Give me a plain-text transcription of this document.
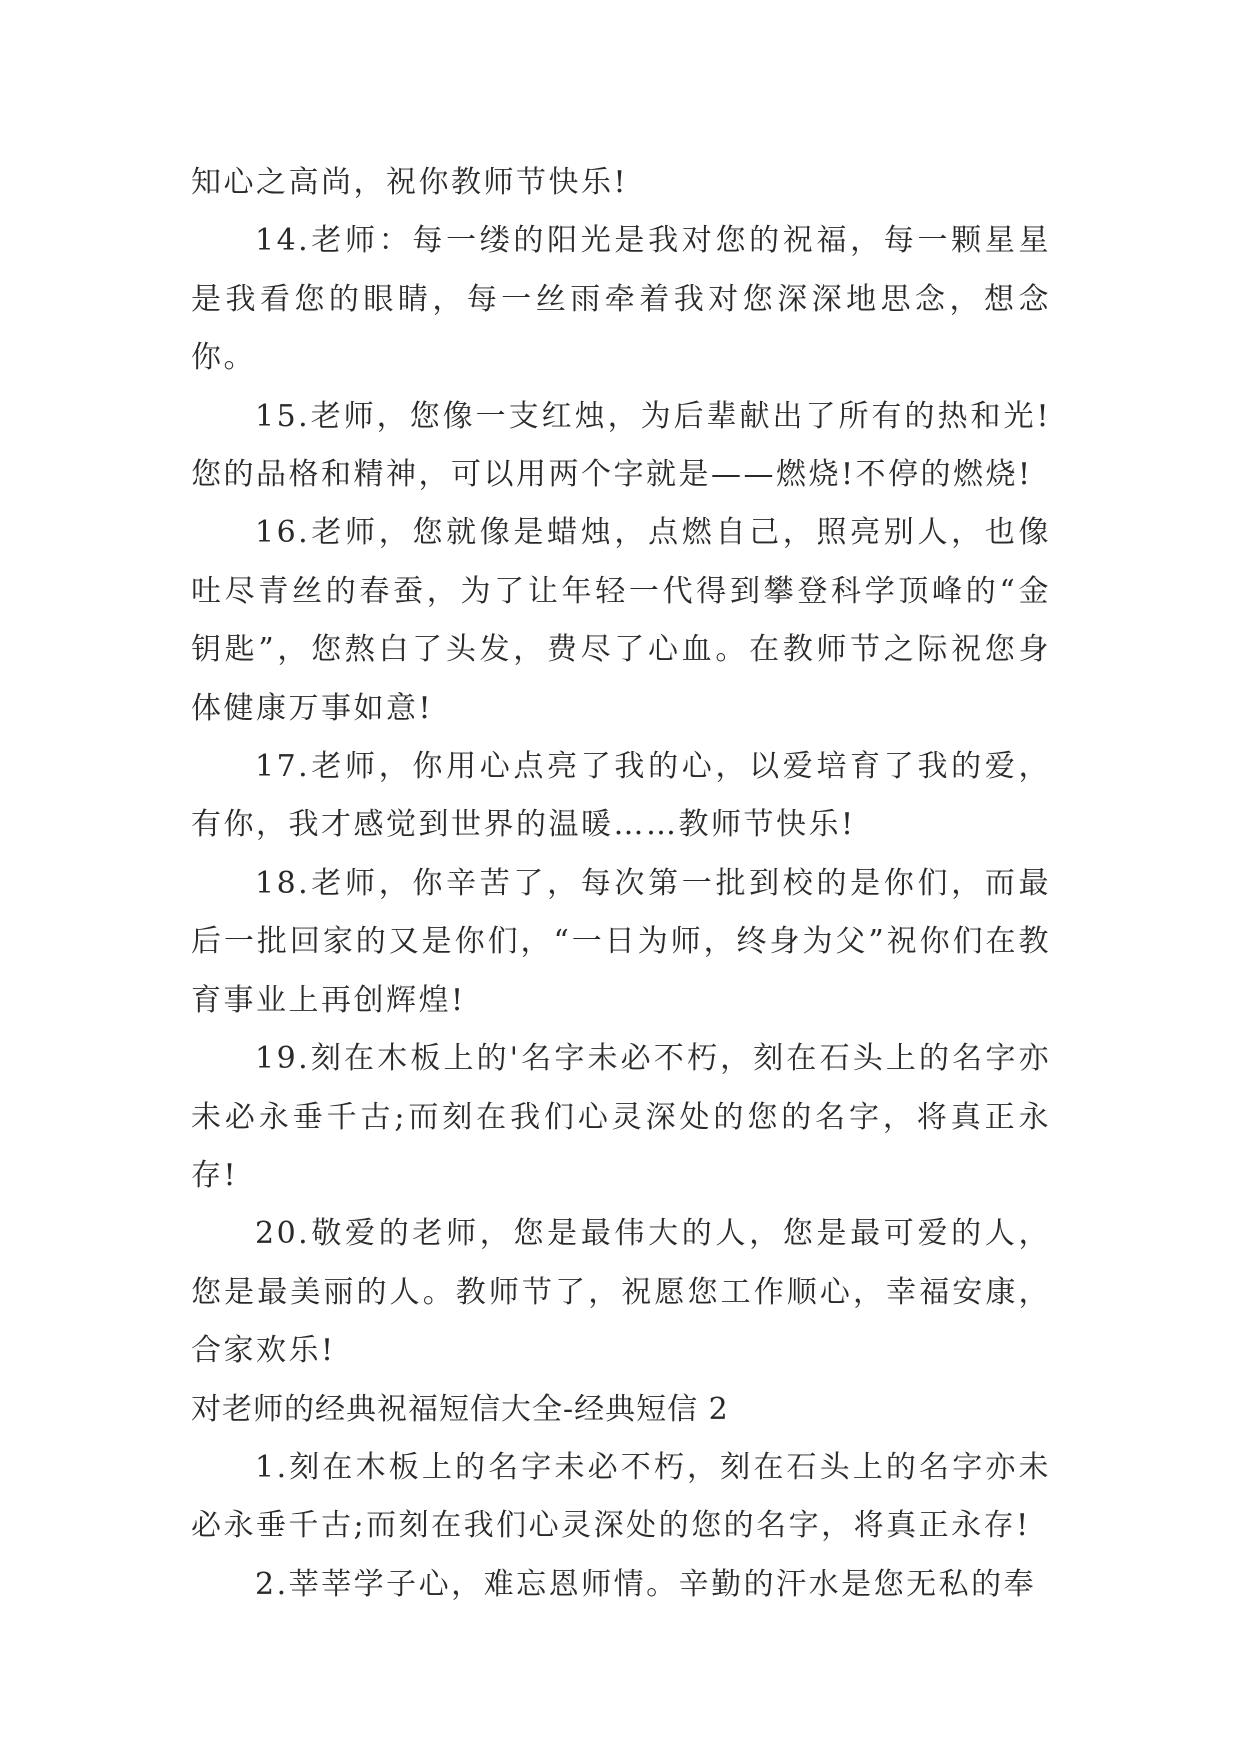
知心之高尚，祝你教师节快乐!

14.老师：每一缕的阳光是我对您的祝福，每一颗星星是我看您的眼睛，每一丝雨牵着我对您深深地思念，想念你。

15.老师，您像一支红烛，为后辈献出了所有的热和光!您的品格和精神，可以用两个字就是——燃烧!不停的燃烧!

16.老师，您就像是蜡烛，点燃自己，照亮别人，也像吐尽青丝的春蚕，为了让年轻一代得到攀登科学顶峰的“金钥匙”，您熬白了头发，费尽了心血。在教师节之际祝您身体健康万事如意!

17.老师，你用心点亮了我的心，以爱培育了我的爱，有你，我才感觉到世界的温暖……教师节快乐!

18.老师，你辛苦了，每次第一批到校的是你们，而最后一批回家的又是你们，“一日为师，终身为父”祝你们在教育事业上再创辉煌!

19.刻在木板上的'名字未必不朽，刻在石头上的名字亦未必永垂千古;而刻在我们心灵深处的您的名字，将真正永存!

20.敬爱的老师，您是最伟大的人，您是最可爱的人，您是最美丽的人。教师节了，祝愿您工作顺心，幸福安康，合家欢乐!

对老师的经典祝福短信大全-经典短信 2

1.刻在木板上的名字未必不朽，刻在石头上的名字亦未必永垂千古;而刻在我们心灵深处的您的名字，将真正永存!

2.莘莘学子心，难忘恩师情。辛勤的汗水是您无私的奉
